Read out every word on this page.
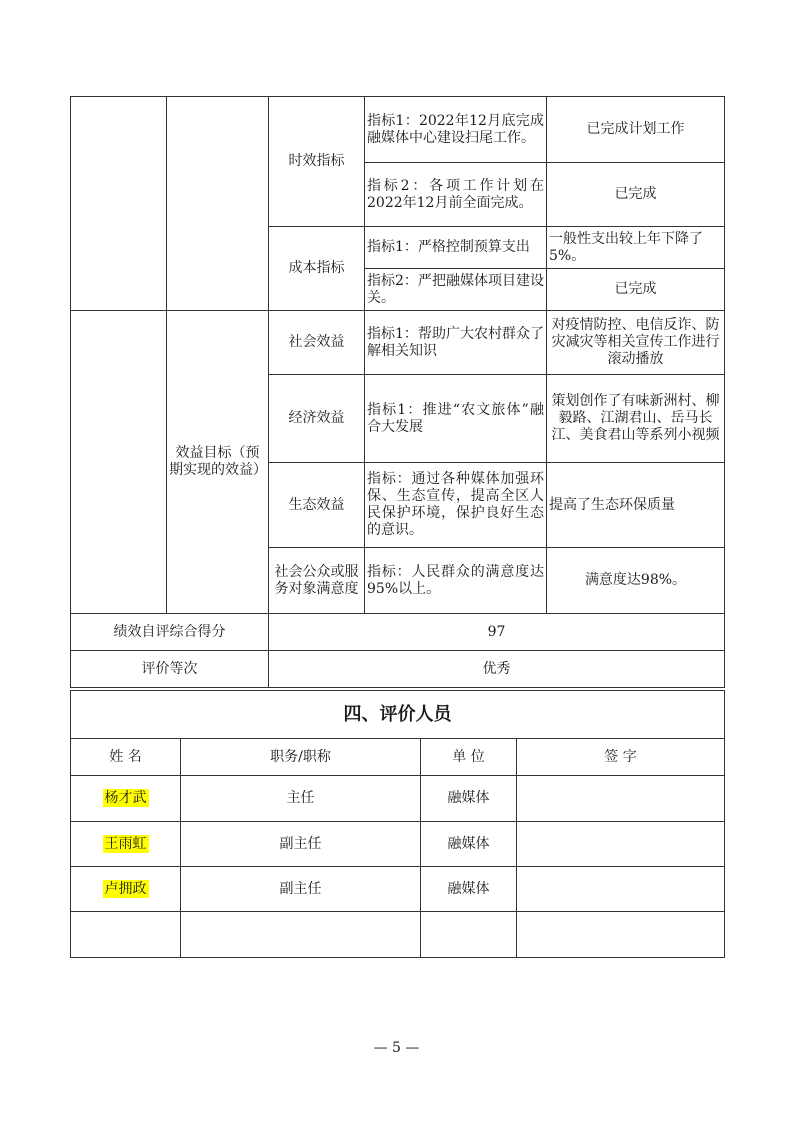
		时效指标	指标1：2022年12月底完成融媒体中心建设扫尾工作。	已完成计划工作
			指标2：各项工作计划在2022年12月前全面完成。	已完成
		成本指标	指标1：严格控制预算支出	一般性支出较上年下降了5%。
			指标2：严把融媒体项目建设关。	已完成
	效益目标（预期实现的效益）	社会效益	指标1：帮助广大农村群众了解相关知识	对疫情防控、电信反诈、防灾减灾等相关宣传工作进行滚动播放
		经济效益	指标1：推进“农文旅体”融合大发展	策划创作了有味新洲村、柳毅路、江湖君山、岳马长江、美食君山等系列小视频
		生态效益	指标：通过各种媒体加强环保、生态宣传，提高全区人民保护环境，保护良好生态的意识。	提高了生态环保质量
		社会公众或服务对象满意度	指标：人民群众的满意度达95%以上。	满意度达98%。
绩效自评综合得分		97		
评价等次		优秀		
四、评价人员			
姓 名	职务/职称	单 位	签 字
杨才武	主任	融媒体	
王雨虹	副主任	融媒体	
卢拥政	副主任	融媒体	

— 5 —
